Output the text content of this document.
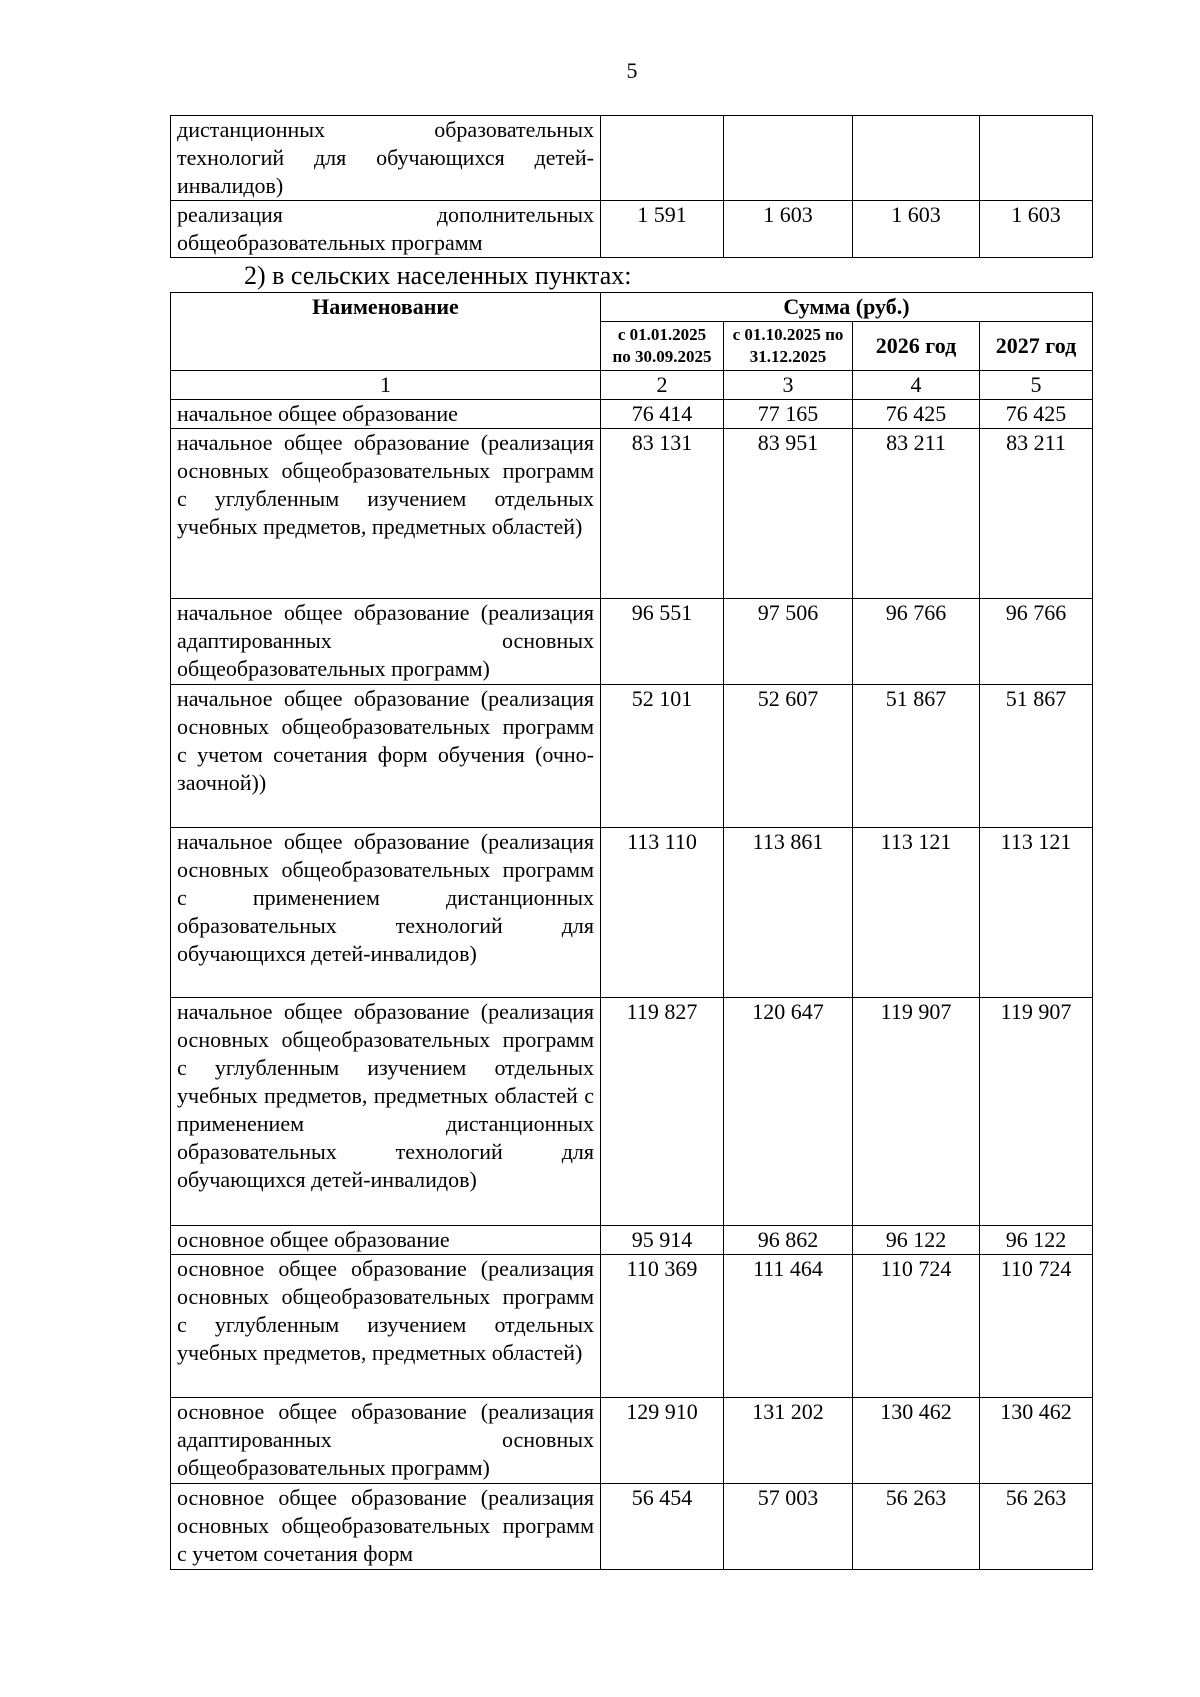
5
дистанционных образовательных технологий для обучающихся детей-инвалидов)				
реализация дополнительных общеобразовательных программ	1 591	1 603	1 603	1 603
2) в сельских населенных пунктах:
Наименование	Сумма (руб.)			
	с 01.01.2025 по 30.09.2025	с 01.10.2025 по 31.12.2025	2026 год	2027 год
1	2	3	4	5
начальное общее образование	76 414	77 165	76 425	76 425
начальное общее образование (реализация основных общеобразовательных программ с углубленным изучением отдельных учебных предметов, предметных областей)	83 131	83 951	83 211	83 211
начальное общее образование (реализация адаптированных основных общеобразовательных программ)	96 551	97 506	96 766	96 766
начальное общее образование (реализация основных общеобразовательных программ с учетом сочетания форм обучения (очно-заочной))	52 101	52 607	51 867	51 867
начальное общее образование (реализация основных общеобразовательных программ с применением дистанционных образовательных технологий для обучающихся детей-инвалидов)	113 110	113 861	113 121	113 121
начальное общее образование (реализация основных общеобразовательных программ с углубленным изучением отдельных учебных предметов, предметных областей с применением дистанционных образовательных технологий для обучающихся детей-инвалидов)	119 827	120 647	119 907	119 907
основное общее образование	95 914	96 862	96 122	96 122
основное общее образование (реализация основных общеобразовательных программ с углубленным изучением отдельных учебных предметов, предметных областей)	110 369	111 464	110 724	110 724
основное общее образование (реализация адаптированных основных общеобразовательных программ)	129 910	131 202	130 462	130 462
основное общее образование (реализация основных общеобразовательных программ с учетом сочетания форм	56 454	57 003	56 263	56 263
